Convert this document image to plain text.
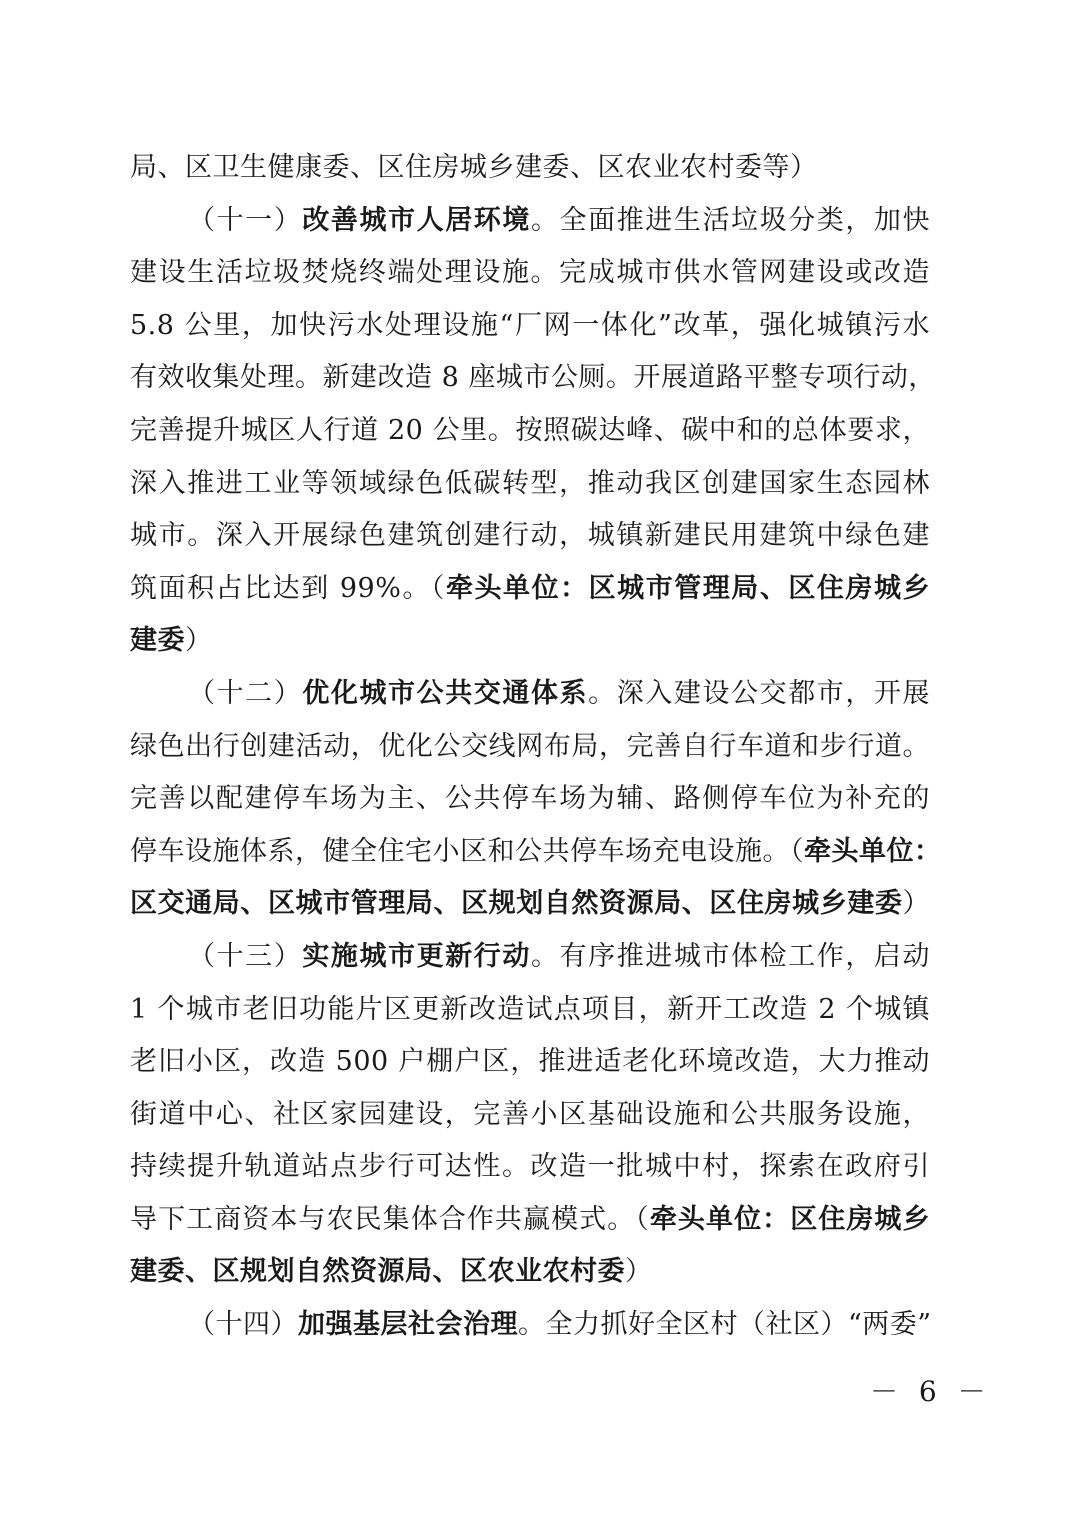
局、区卫生健康委、区住房城乡建委、区农业农村委等）
（十一）改善城市人居环境。全面推进生活垃圾分类，加快
建设生活垃圾焚烧终端处理设施。完成城市供水管网建设或改造
5.8 公里，加快污水处理设施“厂网一体化”改革，强化城镇污水
有效收集处理。新建改造 8 座城市公厕。开展道路平整专项行动，
完善提升城区人行道 20 公里。按照碳达峰、碳中和的总体要求，
深入推进工业等领域绿色低碳转型，推动我区创建国家生态园林
城市。深入开展绿色建筑创建行动，城镇新建民用建筑中绿色建
筑面积占比达到 99%。（牵头单位：区城市管理局、区住房城乡
建委）
（十二）优化城市公共交通体系。深入建设公交都市，开展
绿色出行创建活动，优化公交线网布局，完善自行车道和步行道。
完善以配建停车场为主、公共停车场为辅、路侧停车位为补充的
停车设施体系，健全住宅小区和公共停车场充电设施。（牵头单位：
区交通局、区城市管理局、区规划自然资源局、区住房城乡建委）
（十三）实施城市更新行动。有序推进城市体检工作，启动
1 个城市老旧功能片区更新改造试点项目，新开工改造 2 个城镇
老旧小区，改造 500 户棚户区，推进适老化环境改造，大力推动
街道中心、社区家园建设，完善小区基础设施和公共服务设施，
持续提升轨道站点步行可达性。改造一批城中村，探索在政府引
导下工商资本与农民集体合作共赢模式。（牵头单位：区住房城乡
建委、区规划自然资源局、区农业农村委）
（十四）加强基层社会治理。全力抓好全区村（社区）“两委”
－ 6 －
